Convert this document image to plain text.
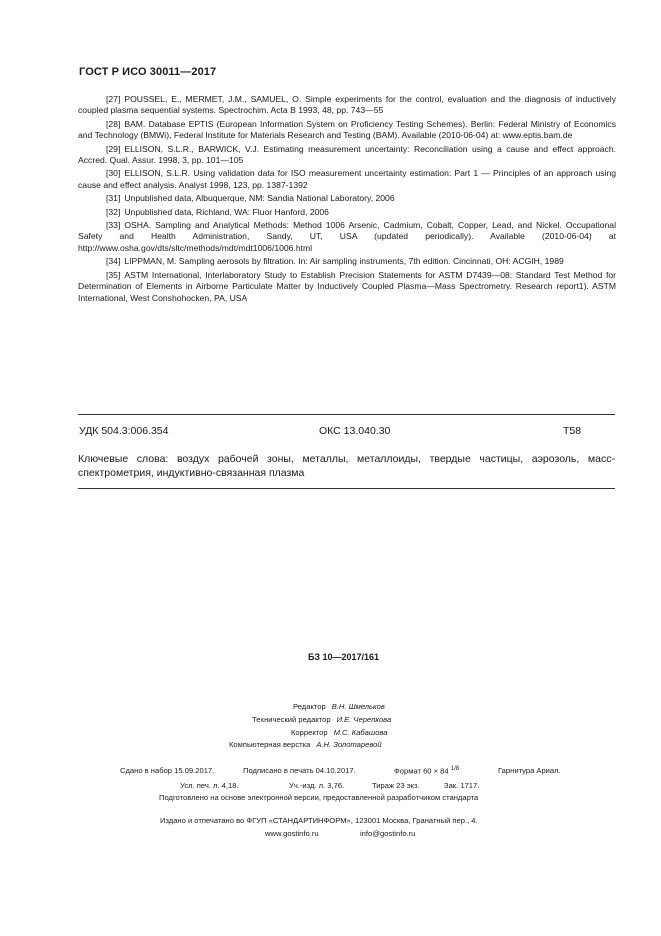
ГОСТ Р ИСО 30011—2017

[27] POUSSEL, E., MERMET, J.M., SAMUEL, O. Simple experiments for the control, evaluation and the diagnosis of inductively coupled plasma sequential systems. Spectrochim. Acta B 1993, 48, pp. 743—55

[28] BAM. Database EPTIS (European Information System on Proficiency Testing Schemes). Berlin: Federal Ministry of Economics and Technology (BMWi), Federal Institute for Materials Research and Testing (BAM). Available (2010-06-04) at: www.eptis.bam.de

[29] ELLISON, S.L.R., BARWICK, V.J. Estimating measurement uncertainty: Reconciliation using a cause and effect approach. Accred. Qual. Assur. 1998, 3, pp. 101—105

[30] ELLISON, S.L.R. Using validation data for ISO measurement uncertainty estimation: Part 1 — Principles of an approach using cause and effect analysis. Analyst 1998, 123, pp. 1387-1392

[31] Unpublished data, Albuquerque, NM: Sandia National Laboratory, 2006

[32] Unpublished data, Richland, WA: Fluor Hanford, 2006

[33] OSHA. Sampling and Analytical Methods: Method 1006 Arsenic, Cadmium, Cobalt, Copper, Lead, and Nickel. Occupational Safety and Health Administration, Sandy, UT, USA (updated periodically). Available (2010-06-04) at http://www.osha.gov/dts/sltc/methods/mdt/mdt1006/1006.html

[34] LIPPMAN, M. Sampling aerosols by filtration. In: Air sampling instruments, 7th edition. Cincinnati, OH: ACGIH, 1989

[35] ASTM International, Interlaboratory Study to Establish Precision Statements for ASTM D7439—08: Standard Test Method for Determination of Elements in Airborne Particulate Matter by Inductively Coupled Plasma—Mass Spectrometry. Research report1). ASTM International, West Conshohocken, PA, USA

УДК 504.3:006.354	ОКС 13.040.30	Т58
Ключевые слова: воздух рабочей зоны, металлы, металлоиды, твердые частицы, аэрозоль, масс-спектрометрия, индуктивно-связанная плазма
БЗ 10—2017/161
Редактор В.Н. Шмельков
Технический редактор И.Е. Черепкова
Корректор М.С. Кабашова
Компьютерная верстка А.Н. Золотаревой
Сдано в набор 15.09.2017.	Подписано в печать 04.10.2017.	Формат 60 × 84 $^{1/8}$	Гарнитура Ариал.
Усл. печ. л. 4,18.	Уч.-изд. л. 3,76.	Тираж 23 экз.	Зак. 1717.
Подготовлено на основе электронной версии, предоставленной разработчиком стандарта
Издано и отпечатано во ФГУП «СТАНДАРТИНФОРМ», 123001 Москва, Гранатный пер., 4.
www.gostinfo.ru	info@gostinfo.ru
